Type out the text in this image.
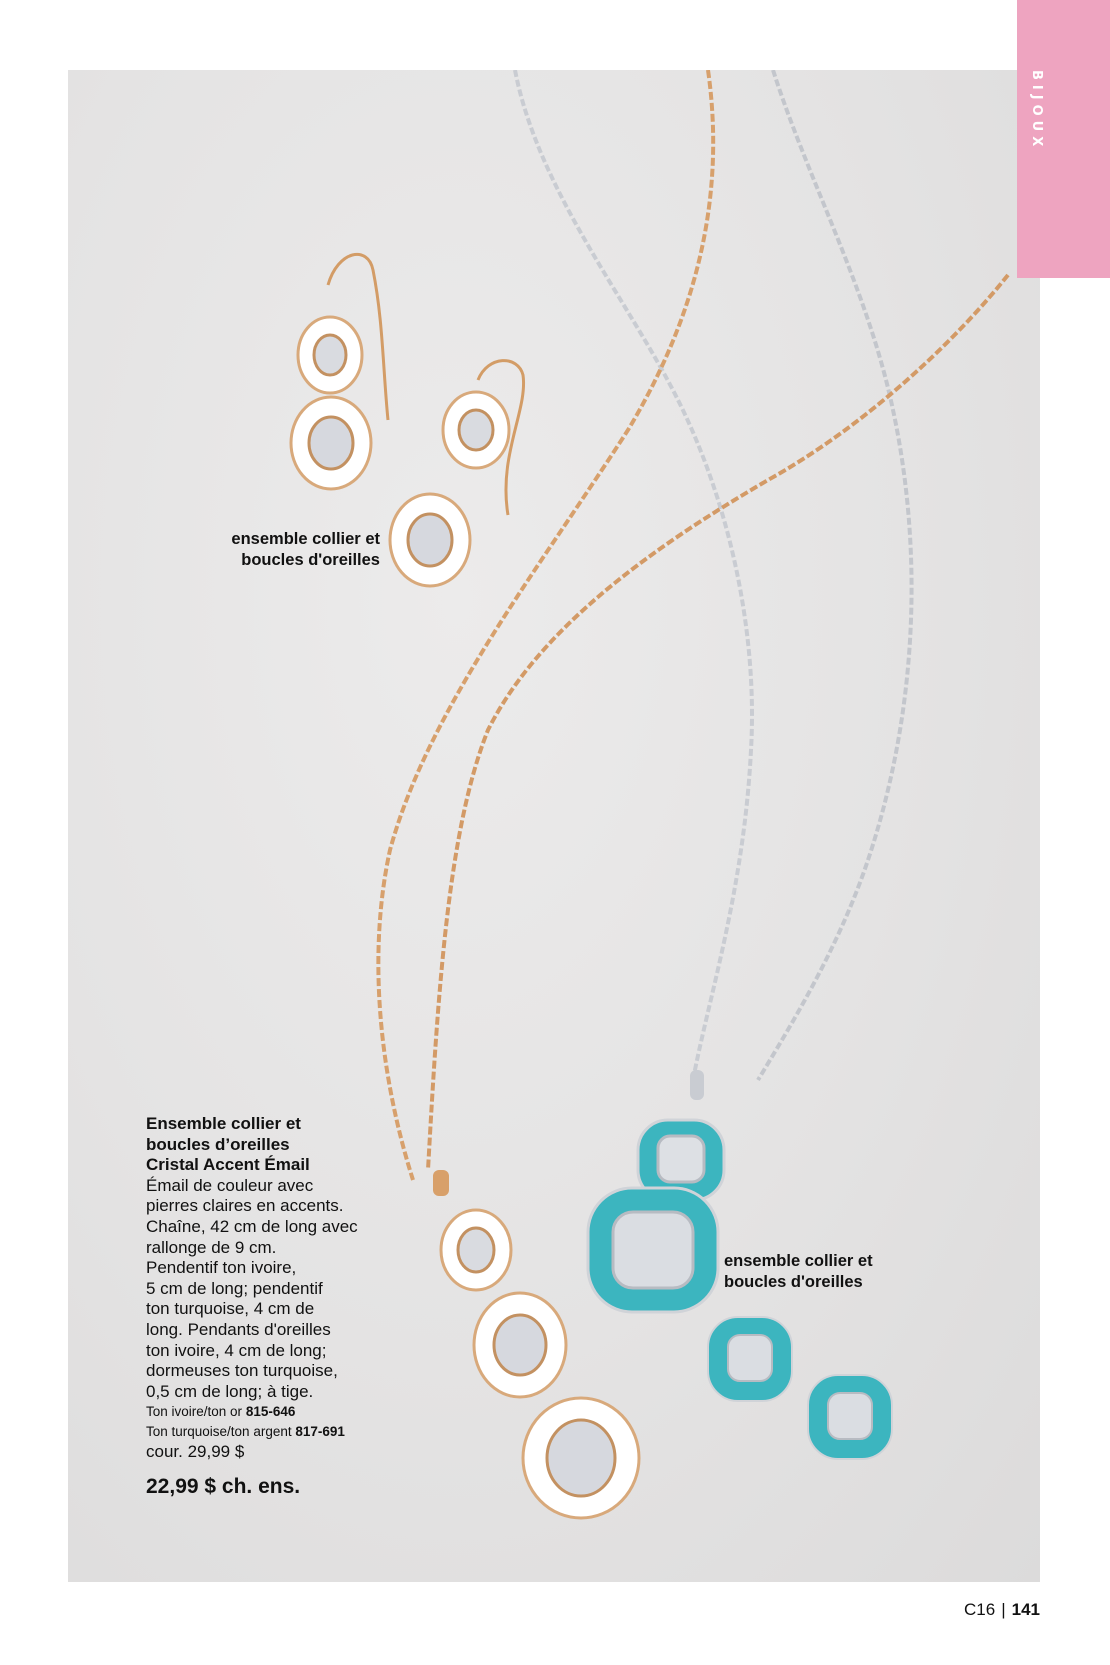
BIJOUX
ensemble collier et
boucles d'oreilles
ensemble collier et
boucles d'oreilles
Ensemble collier et
boucles d’oreilles
Cristal Accent Émail
Émail de couleur avec
pierres claires en accents.
Chaîne, 42 cm de long avec
rallonge de 9 cm.
Pendentif ton ivoire,
5 cm de long; pendentif
ton turquoise, 4 cm de
long. Pendants d'oreilles
ton ivoire, 4 cm de long;
dormeuses ton turquoise,
0,5 cm de long; à tige.
Ton ivoire/ton or 815-646
Ton turquoise/ton argent 817-691
cour. 29,99 $
22,99 $ ch. ens.
C16 | 141
